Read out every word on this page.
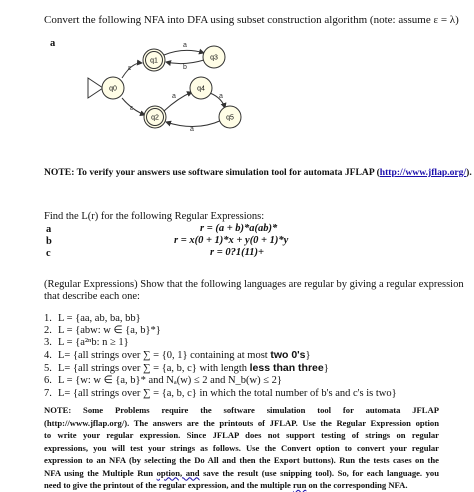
Convert the following NFA into DFA using subset construction algorithm (note: assume ε = λ)
a
ε
a
b
ε
a	a
a
q0
q1	q3
q2
q4
q5
NOTE: To verify your answers use software simulation tool for automata JFLAP (http://www.jflap.org/).
Find the L(r) for the following Regular Expressions:
a
b
c
r = (a + b)*a(ab)*
r = x(0 + 1)*x + y(0 + 1)*y
r = 0?1(11)+
(Regular Expressions) Show that the following languages are regular by giving a regular expression
that describe each one:
1. L = {aa, ab, ba, bb}
2. L = {abw: w ∈ {a, b}*}
3. L = {a²ⁿb: n ≥ 1}
4. L= {all strings over ∑ = {0, 1} containing at most two 0's}
5. L= {all strings over ∑ = {a, b, c} with length less than three}
6. L = {w: w ∈ {a, b}* and Nₐ(w) ≤ 2 and N_b(w) ≤ 2}
7. L= {all strings over ∑ = {a, b, c} in which the total number of b's and c's is two}
NOTE: Some Problems require the software simulation tool for automata JFLAP
(http://www.jflap.org/). The answers are the printouts of JFLAP. Use the Regular Expression option
to write your regular expression. Since JFLAP does not support testing of strings on regular
expressions, you will test your strings as follows. Use the Convert option to convert your regular
expression to an NFA (by selecting the Do All and then the Export buttons). Run the tests cases on the
NFA using the Multiple Run option, and save the result (use snipping tool). So, for each language. you
need to give the printout of the regular expression, and the multiple run on the corresponding NFA.
